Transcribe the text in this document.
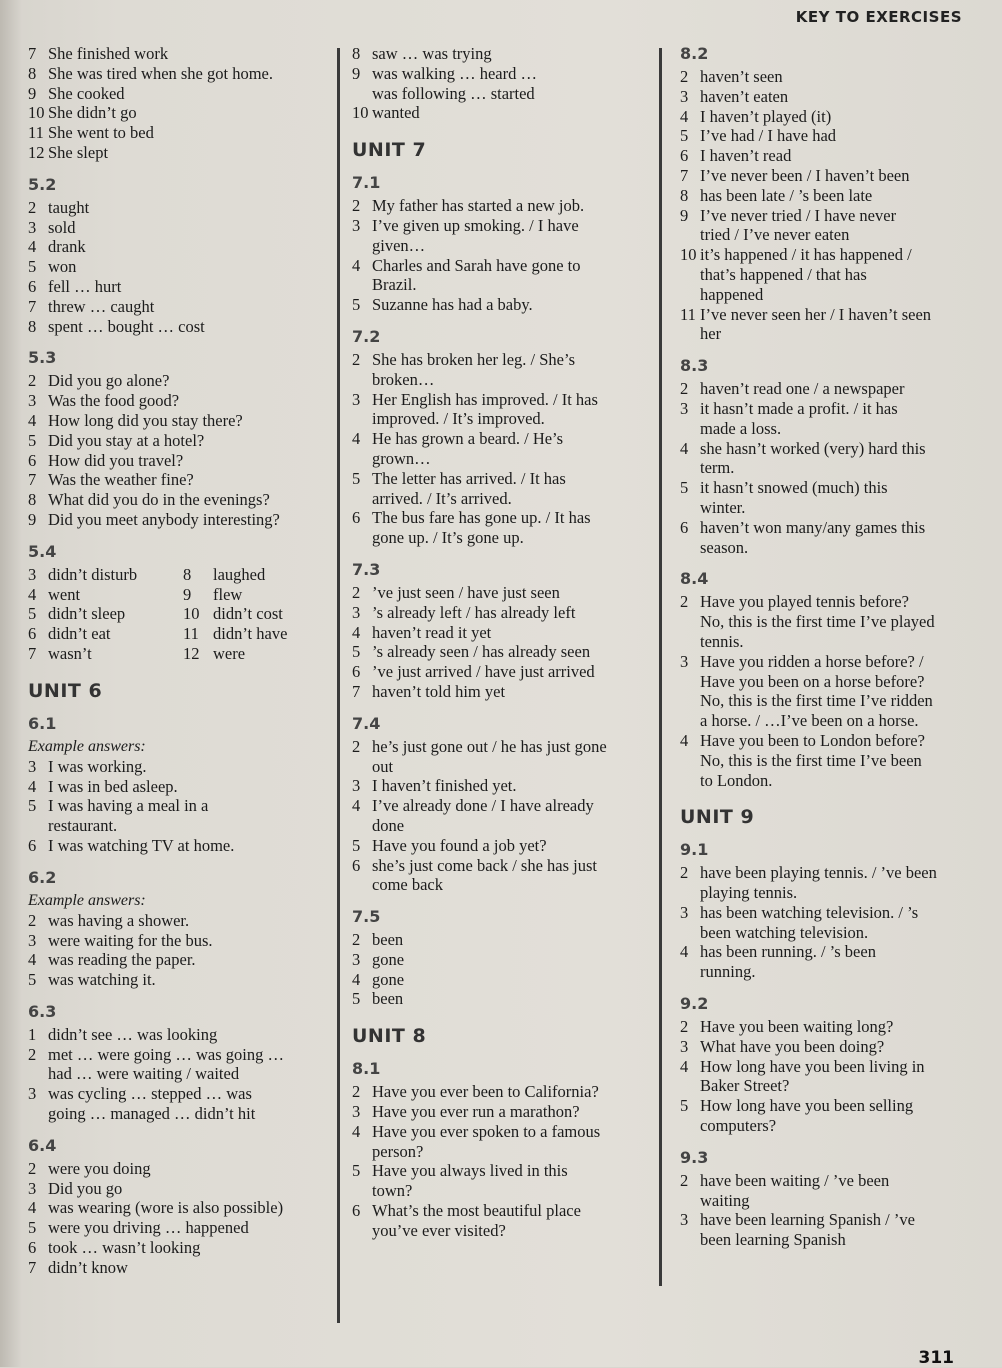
KEY TO EXERCISES
7 She finished work
8 She was tired when she got home.
9 She cooked
10 She didn’t go
11 She went to bed
12 She slept
5.2
2 taught
3 sold
4 drank
5 won
6 fell … hurt
7 threw … caught
8 spent … bought … cost
5.3
2 Did you go alone?
3 Was the food good?
4 How long did you stay there?
5 Did you stay at a hotel?
6 How did you travel?
7 Was the weather fine?
8 What did you do in the evenings?
9 Did you meet anybody interesting?
5.4
3 didn’t disturb	8	laughed
4 went	9	flew
5 didn’t sleep	10 didn’t cost
6 didn’t eat	11 didn’t have
7 wasn’t	12 were
UNIT 6
6.1
Example answers:
3 I was working.
4 I was in bed asleep.
5 I was having a meal in a
restaurant.
6 I was watching TV at home.
6.2
Example answers:
2 was having a shower.
3 were waiting for the bus.
4 was reading the paper.
5 was watching it.
6.3
1 didn’t see … was looking
2 met … were going … was going …
had … were waiting / waited
3 was cycling … stepped … was
going … managed … didn’t hit
6.4
2 were you doing
3 Did you go
4 was wearing (wore is also possible)
5 were you driving … happened
6 took … wasn’t looking
7 didn’t know
8 saw … was trying
9 was walking … heard …
was following … started
10 wanted
UNIT 7
7.1
2 My father has started a new job.
3 I’ve given up smoking. / I have
given…
4 Charles and Sarah have gone to
Brazil.
5 Suzanne has had a baby.
7.2
2 She has broken her leg. / She’s
broken…
3 Her English has improved. / It has
improved. / It’s improved.
4 He has grown a beard. / He’s
grown…
5 The letter has arrived. / It has
arrived. / It’s arrived.
6 The bus fare has gone up. / It has
gone up. / It’s gone up.
7.3
2 ’ve just seen / have just seen
3 ’s already left / has already left
4 haven’t read it yet
5 ’s already seen / has already seen
6 ’ve just arrived / have just arrived
7 haven’t told him yet
7.4
2 he’s just gone out / he has just gone
out
3 I haven’t finished yet.
4 I’ve already done / I have already
done
5 Have you found a job yet?
6 she’s just come back / she has just
come back
7.5
2 been
3 gone
4 gone
5 been
UNIT 8
8.1
2 Have you ever been to California?
3 Have you ever run a marathon?
4 Have you ever spoken to a famous
person?
5 Have you always lived in this
town?
6 What’s the most beautiful place
you’ve ever visited?
8.2
2 haven’t seen
3 haven’t eaten
4 I haven’t played (it)
5 I’ve had / I have had
6 I haven’t read
7 I’ve never been / I haven’t been
8 has been late / ’s been late
9 I’ve never tried / I have never
tried / I’ve never eaten
10 it’s happened / it has happened /
that’s happened / that has
happened
11 I’ve never seen her / I haven’t seen
her
8.3
2 haven’t read one / a newspaper
3 it hasn’t made a profit. / it has
made a loss.
4 she hasn’t worked (very) hard this
term.
5 it hasn’t snowed (much) this
winter.
6 haven’t won many/any games this
season.
8.4
2 Have you played tennis before?
No, this is the first time I’ve played
tennis.
3 Have you ridden a horse before? /
Have you been on a horse before?
No, this is the first time I’ve ridden
a horse. / …I’ve been on a horse.
4 Have you been to London before?
No, this is the first time I’ve been
to London.
UNIT 9
9.1
2 have been playing tennis. / ’ve been
playing tennis.
3 has been watching television. / ’s
been watching television.
4 has been running. / ’s been
running.
9.2
2 Have you been waiting long?
3 What have you been doing?
4 How long have you been living in
Baker Street?
5 How long have you been selling
computers?
9.3
2 have been waiting / ’ve been
waiting
3 have been learning Spanish / ’ve
been learning Spanish
311
